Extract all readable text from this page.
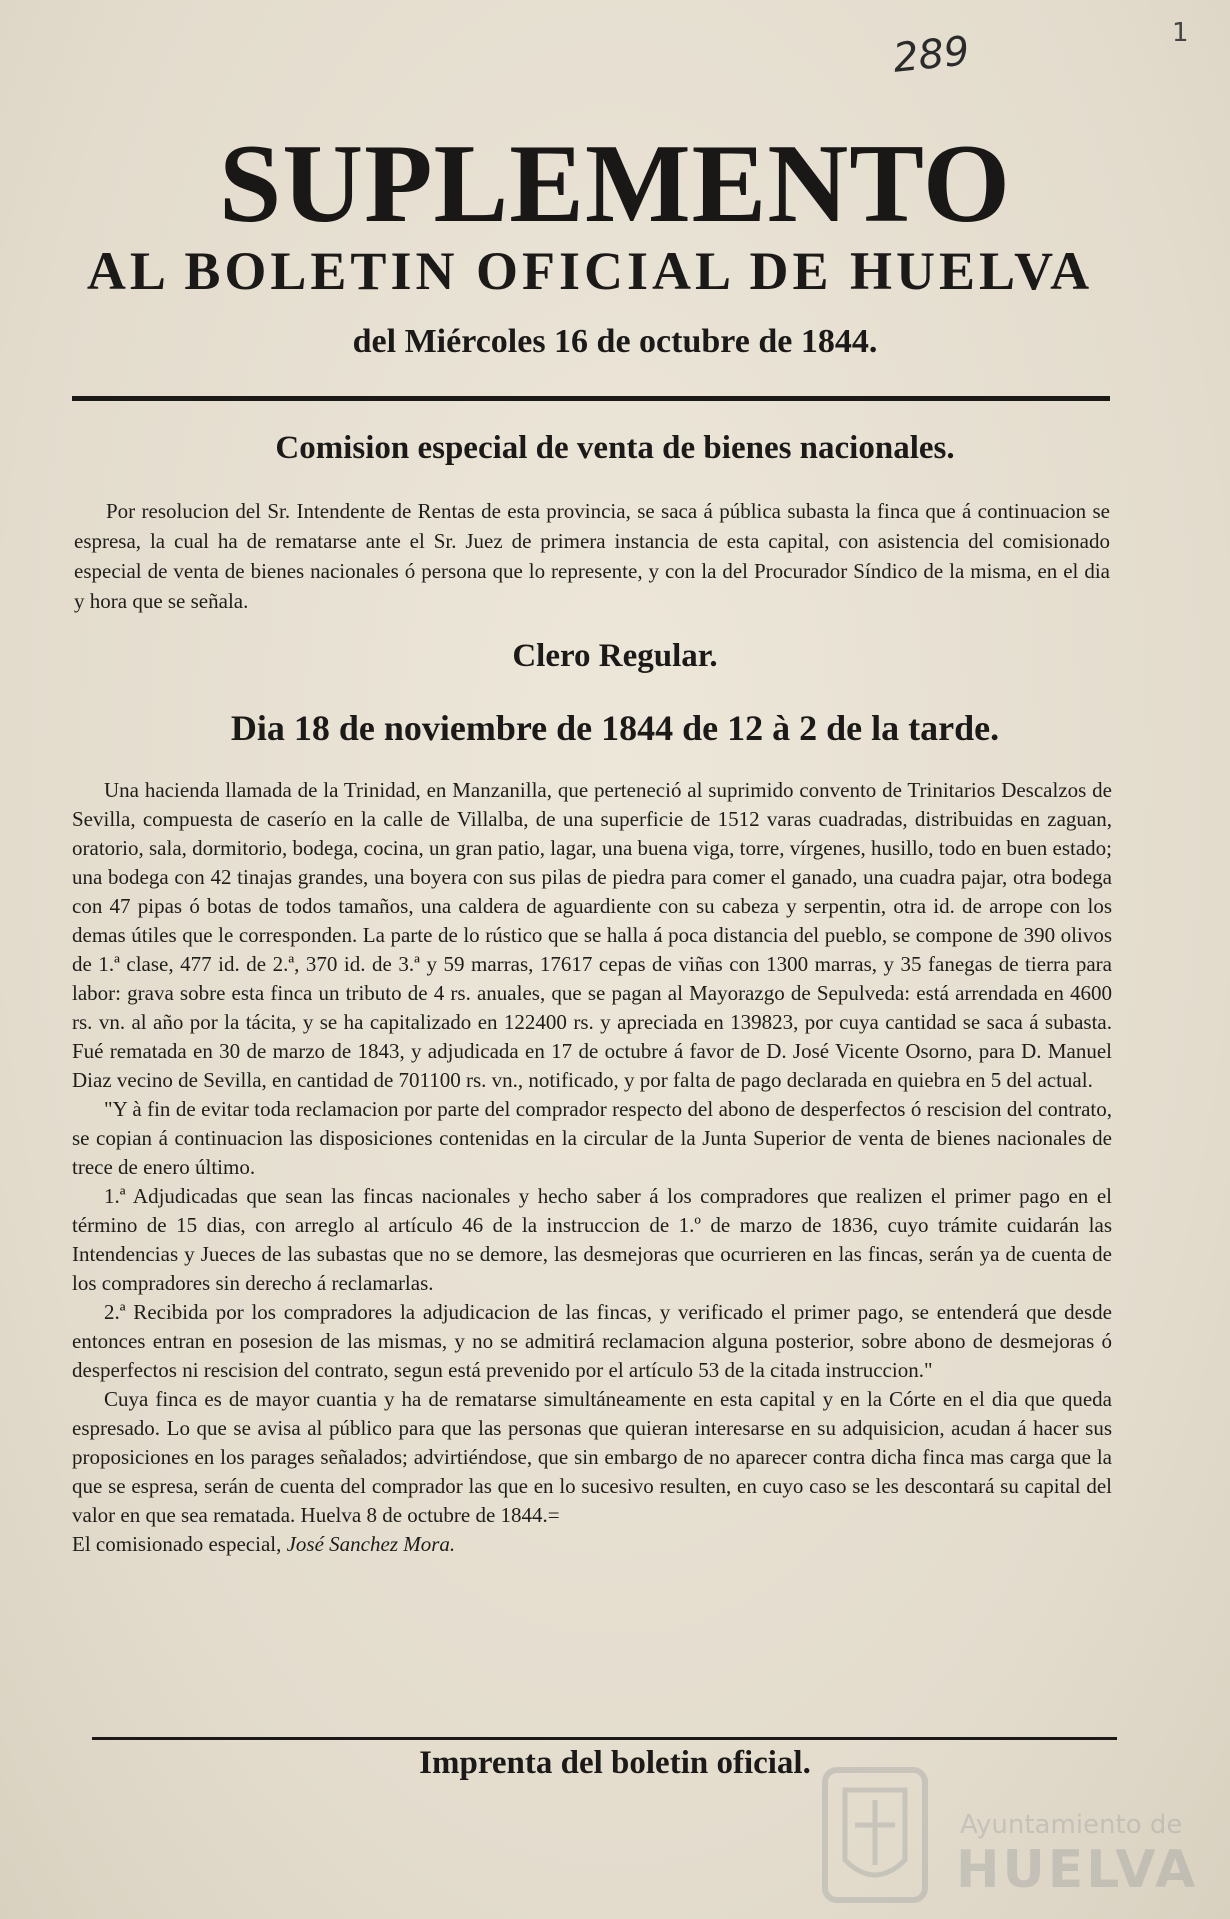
289	1
SUPLEMENTO
AL BOLETIN OFICIAL DE HUELVA
del Miércoles 16 de octubre de 1844.
Comision especial de venta de bienes nacionales.

Por resolucion del Sr. Intendente de Rentas de esta provincia, se saca á pública subasta la finca que á continuacion se espresa, la cual ha de rematarse ante el Sr. Juez de primera instancia de esta capital, con asistencia del comisionado especial de venta de bienes nacionales ó persona que lo represente, y con la del Procurador Síndico de la misma, en el dia y hora que se señala.

Clero Regular.
Dia 18 de noviembre de 1844 de 12 à 2 de la tarde.
Una hacienda llamada de la Trinidad, en Manzanilla, que perteneció al suprimido convento de Trinitarios Descalzos de Sevilla, compuesta de caserío en la calle de Villalba, de una superficie de 1512 varas cuadradas, distribuidas en zaguan, oratorio, sala, dormitorio, bodega, cocina, un gran patio, lagar, una buena viga, torre, vírgenes, husillo, todo en buen estado; una bodega con 42 tinajas grandes, una boyera con sus pilas de piedra para comer el ganado, una cuadra pajar, otra bodega con 47 pipas ó botas de todos tamaños, una caldera de aguardiente con su cabeza y serpentin, otra id. de arrope con los demas útiles que le corresponden. La parte de lo rústico que se halla á poca distancia del pueblo, se compone de 390 olivos de 1.ª clase, 477 id. de 2.ª, 370 id. de 3.ª y 59 marras, 17617 cepas de viñas con 1300 marras, y 35 fanegas de tierra para labor: grava sobre esta finca un tributo de 4 rs. anuales, que se pagan al Mayorazgo de Sepulveda: está arrendada en 4600 rs. vn. al año por la tácita, y se ha capitalizado en 122400 rs. y apreciada en 139823, por cuya cantidad se saca á subasta. Fué rematada en 30 de marzo de 1843, y adjudicada en 17 de octubre á favor de D. José Vicente Osorno, para D. Manuel Diaz vecino de Sevilla, en cantidad de 701100 rs. vn., notificado, y por falta de pago declarada en quiebra en 5 del actual.
"Y à fin de evitar toda reclamacion por parte del comprador respecto del abono de desperfectos ó rescision del contrato, se copian á continuacion las disposiciones contenidas en la circular de la Junta Superior de venta de bienes nacionales de trece de enero último.
1.ª Adjudicadas que sean las fincas nacionales y hecho saber á los compradores que realizen el primer pago en el término de 15 dias, con arreglo al artículo 46 de la instruccion de 1.º de marzo de 1836, cuyo trámite cuidarán las Intendencias y Jueces de las subastas que no se demore, las desmejoras que ocurrieren en las fincas, serán ya de cuenta de los compradores sin derecho á reclamarlas.
2.ª Recibida por los compradores la adjudicacion de las fincas, y verificado el primer pago, se entenderá que desde entonces entran en posesion de las mismas, y no se admitirá reclamacion alguna posterior, sobre abono de desmejoras ó desperfectos ni rescision del contrato, segun está prevenido por el artículo 53 de la citada instruccion."
Cuya finca es de mayor cuantia y ha de rematarse simultáneamente en esta capital y en la Córte en el dia que queda espresado. Lo que se avisa al público para que las personas que quieran interesarse en su adquisicion, acudan á hacer sus proposiciones en los parages señalados; advirtiéndose, que sin embargo de no aparecer contra dicha finca mas carga que la que se espresa, serán de cuenta del comprador las que en lo sucesivo resulten, en cuyo caso se les descontará su capital del valor en que sea rematada. Huelva 8 de octubre de 1844.=
El comisionado especial, José Sanchez Mora.
Imprenta del boletin oficial.
Ayuntamiento de
HUELVA
